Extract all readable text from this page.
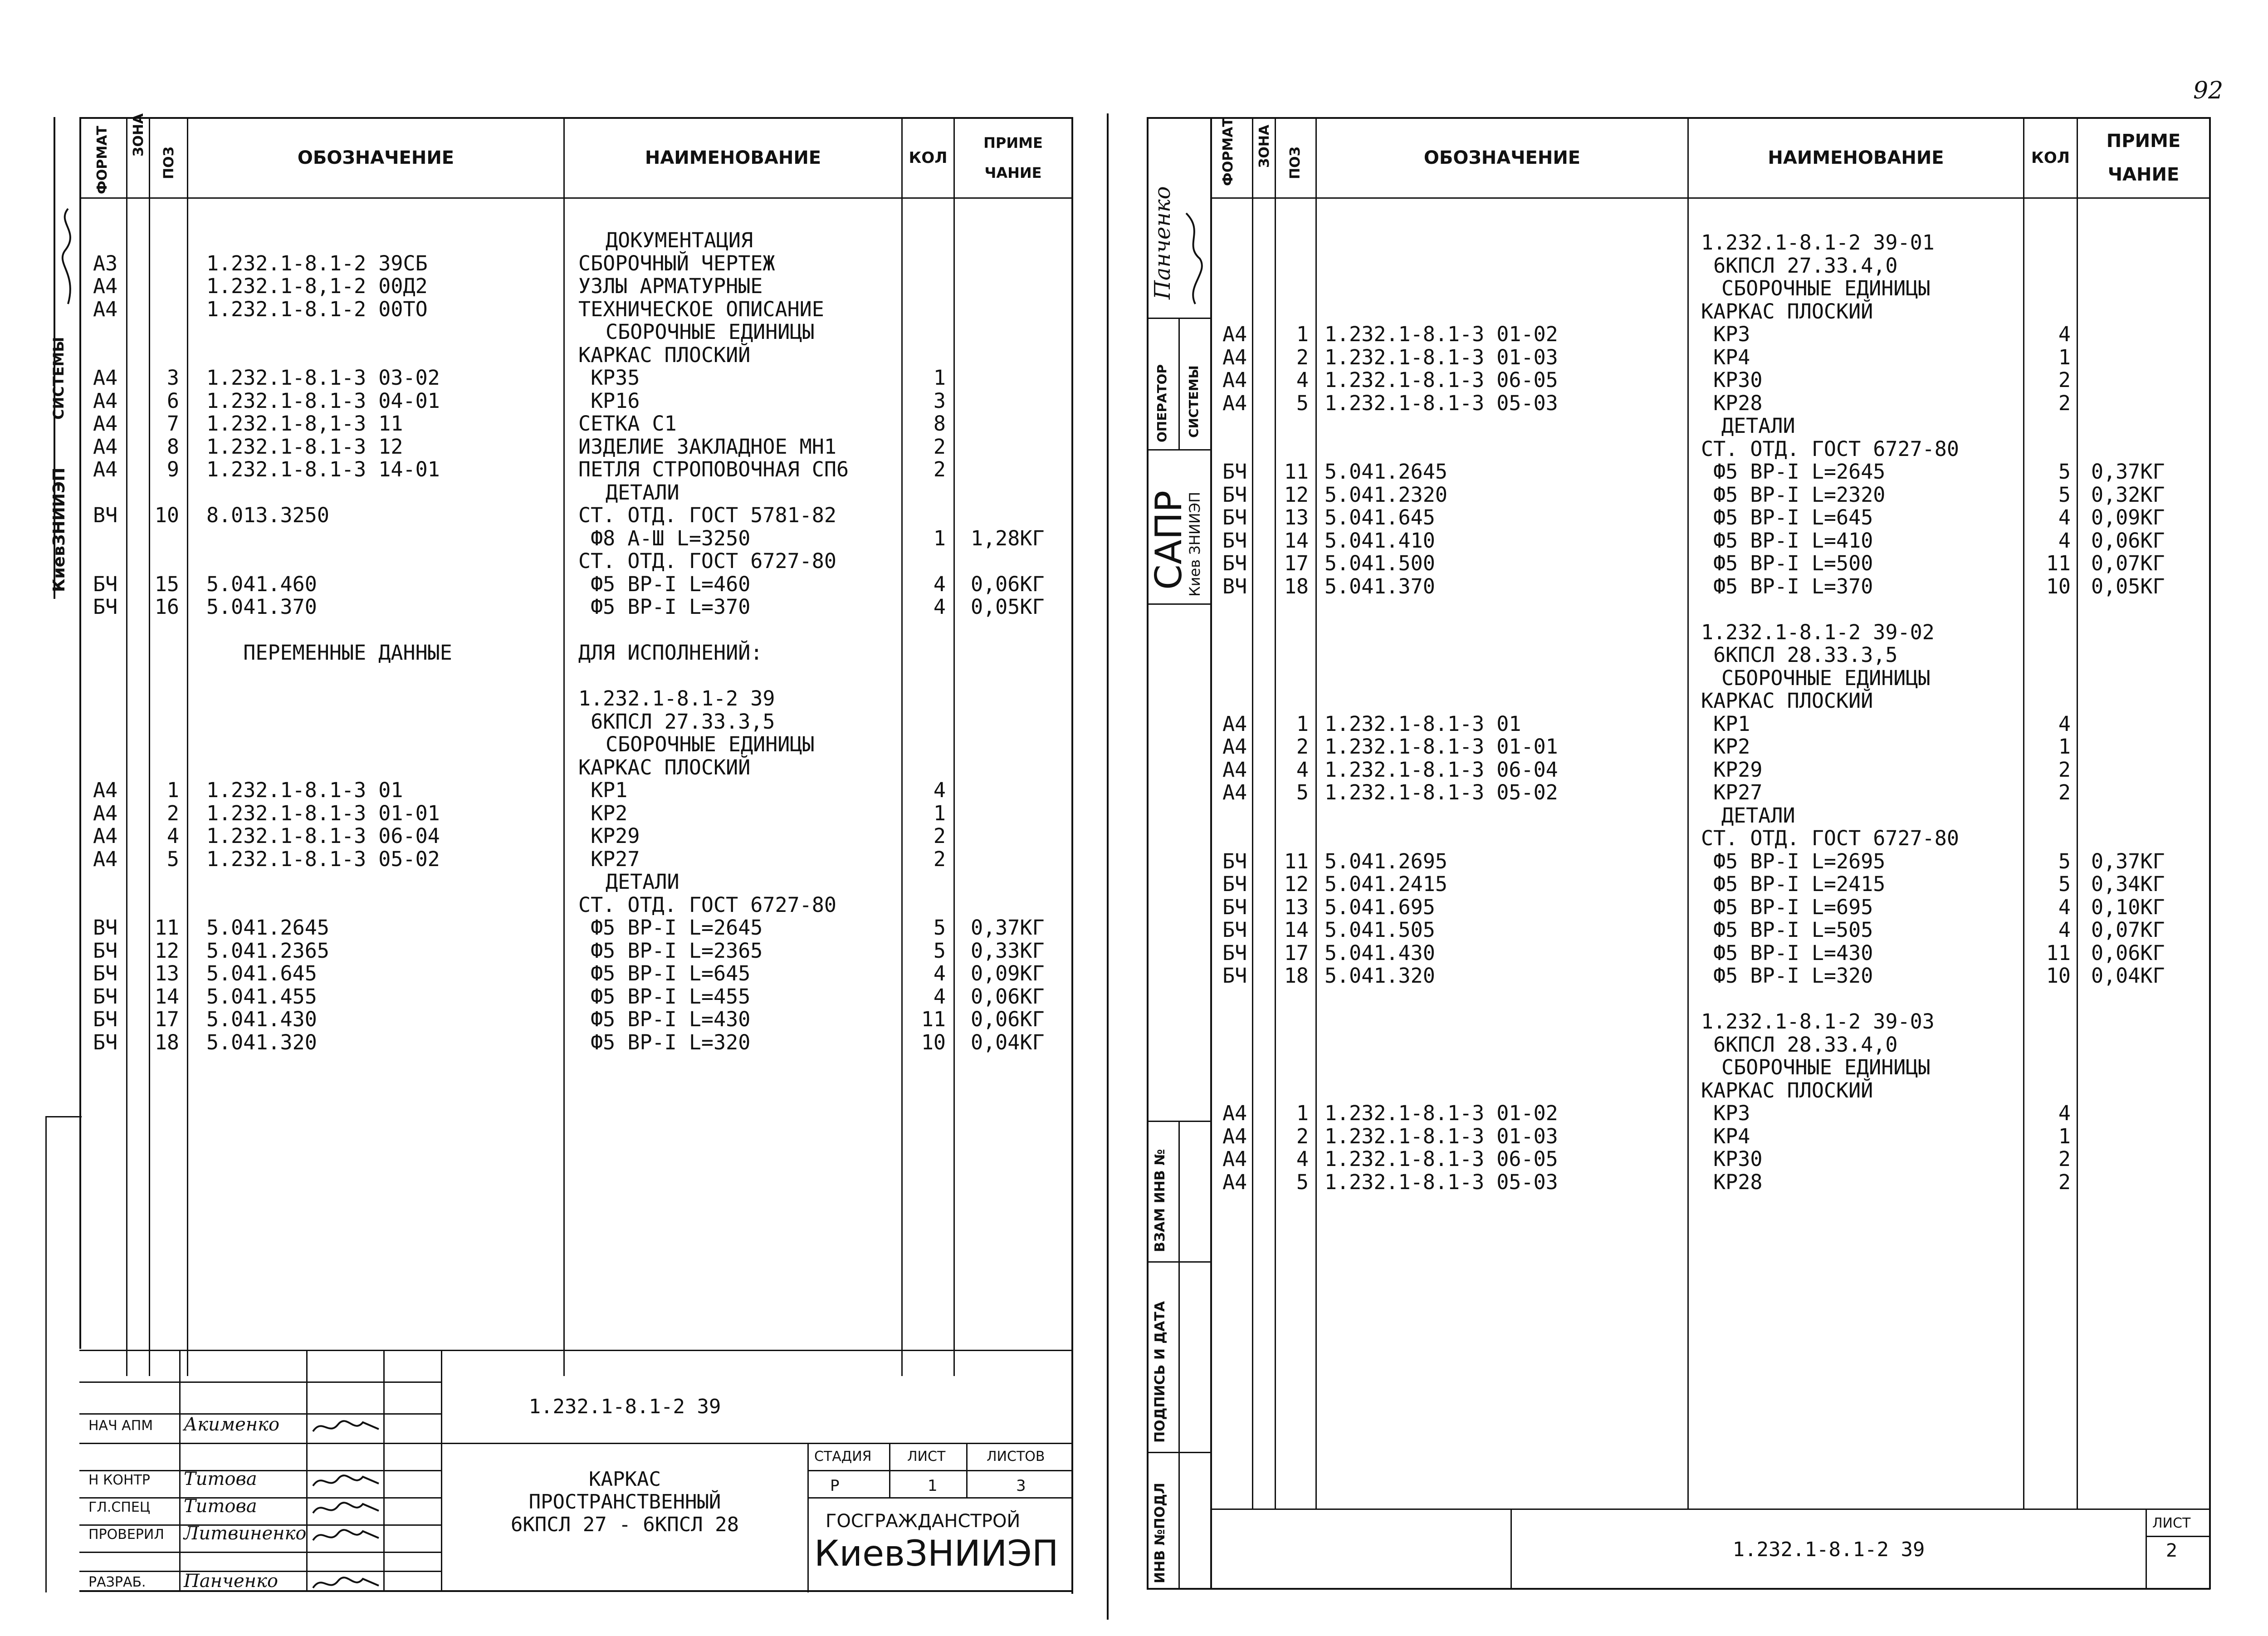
92
ФОРМАТ ЗОНА
ПОЗ	ОБОЗНАЧЕНИЕ	НАИМЕНОВАНИЕ	КОЛ
ПРИМЕ
ЧАНИЕ
СИСТЕМЫ
КиевЗНИИЭП
ДОКУМЕНТАЦИЯ
А3	1.232.1-8.1-2 39СБ	СБОРОЧНЫЙ ЧЕРТЕЖ
А4	1.232.1-8,1-2 00Д2	УЗЛЫ АРМАТУРНЫЕ
А4	1.232.1-8.1-2 00ТО	ТЕХНИЧЕСКОЕ ОПИСАНИЕ
СБОРОЧНЫЕ ЕДИНИЦЫ
КАРКАС ПЛОСКИЙ
А4 3 1.232.1-8.1-3 03-02	КР35	1
А4 6 1.232.1-8.1-3 04-01	КР16	3
А4 7 1.232.1-8,1-3 11	СЕТКА С1	8
А4 8 1.232.1-8.1-3 12	ИЗДЕЛИЕ ЗАКЛАДНОЕ МН1	2
А4 9 1.232.1-8.1-3 14-01	ПЕТЛЯ СТРОПОВОЧНАЯ СП6	2
ДЕТАЛИ
ВЧ 10 8.013.3250	СТ. ОТД. ГОСТ 5781-82
Ф8 А-Ш L=3250	1 1,28КГ
СТ. ОТД. ГОСТ 6727-80
БЧ 15 5.041.460	Ф5 ВР-I L=460	4 0,06КГ
БЧ 16 5.041.370	Ф5 ВР-I L=370	4 0,05КГ
ПЕРЕМЕННЫЕ ДАННЫЕ	ДЛЯ ИСПОЛНЕНИЙ:
1.232.1-8.1-2 39
6КПСЛ 27.33.3,5
СБОРОЧНЫЕ ЕДИНИЦЫ
КАРКАС ПЛОСКИЙ
А4 1 1.232.1-8.1-3 01	КР1	4
А4 2 1.232.1-8.1-3 01-01	КР2	1
А4 4 1.232.1-8.1-3 06-04	КР29	2
А4 5 1.232.1-8.1-3 05-02	КР27	2
ДЕТАЛИ
СТ. ОТД. ГОСТ 6727-80
ВЧ 11 5.041.2645	Ф5 ВР-I L=2645	5 0,37КГ
БЧ 12 5.041.2365	Ф5 ВР-I L=2365	5 0,33КГ
БЧ 13 5.041.645	Ф5 ВР-I L=645	4 0,09КГ
БЧ 14 5.041.455	Ф5 ВР-I L=455	4 0,06КГ
БЧ 17 5.041.430	Ф5 ВР-I L=430	11 0,06КГ
БЧ 18 5.041.320	Ф5 ВР-I L=320	10 0,04КГ
1.232.1-8.1-2 39
КАРКАС
ПРОСТРАНСТВЕННЫЙ
6КПСЛ 27 - 6КПСЛ 28
СТАДИЯ	ЛИСТ	ЛИСТОВ
Р	1	3
ГОСГРАЖДАНСТРОЙ
КиевЗНИИЭП
НАЧ АПМ Акименко
Н КОНТР Титова
ГЛ.СПЕЦ Титова
ПРОВЕРИЛ Литвиненко
РАЗРАБ. Панченко
ФОРМАТ ЗОНА ПОЗ	ОБОЗНАЧЕНИЕ	НАИМЕНОВАНИЕ	КОЛ
ПРИМЕ
ЧАНИЕ
Панченко
ОПЕРАТОР СИСТЕМЫ
САПР
Киев ЗНИИЭП
ВЗАМ ИНВ №
ПОДПИСЬ И ДАТА
ИНВ №ПОДЛ
1.232.1-8.1-2 39-01
6КПСЛ 27.33.4,0
СБОРОЧНЫЕ ЕДИНИЦЫ
КАРКАС ПЛОСКИЙ
А4 1 1.232.1-8.1-3 01-02	КР3	4
А4 2 1.232.1-8.1-3 01-03	КР4	1
А4 4 1.232.1-8.1-3 06-05	КР30	2
А4 5 1.232.1-8.1-3 05-03	КР28	2
ДЕТАЛИ
СТ. ОТД. ГОСТ 6727-80
БЧ 11 5.041.2645	Ф5 ВР-I L=2645	5 0,37КГ
БЧ 12 5.041.2320	Ф5 ВР-I L=2320	5 0,32КГ
БЧ 13 5.041.645	Ф5 ВР-I L=645	4 0,09КГ
БЧ 14 5.041.410	Ф5 ВР-I L=410	4 0,06КГ
БЧ 17 5.041.500	Ф5 ВР-I L=500	11 0,07КГ
ВЧ 18 5.041.370	Ф5 ВР-I L=370	10 0,05КГ
1.232.1-8.1-2 39-02
6КПСЛ 28.33.3,5
СБОРОЧНЫЕ ЕДИНИЦЫ
КАРКАС ПЛОСКИЙ
А4 1 1.232.1-8.1-3 01	КР1	4
А4 2 1.232.1-8.1-3 01-01	КР2	1
А4 4 1.232.1-8.1-3 06-04	КР29	2
А4 5 1.232.1-8.1-3 05-02	КР27	2
ДЕТАЛИ
СТ. ОТД. ГОСТ 6727-80
БЧ 11 5.041.2695	Ф5 ВР-I L=2695	5 0,37КГ
БЧ 12 5.041.2415	Ф5 ВР-I L=2415	5 0,34КГ
БЧ 13 5.041.695	Ф5 ВР-I L=695	4 0,10КГ
БЧ 14 5.041.505	Ф5 ВР-I L=505	4 0,07КГ
БЧ 17 5.041.430	Ф5 ВР-I L=430	11 0,06КГ
БЧ 18 5.041.320	Ф5 ВР-I L=320	10 0,04КГ
1.232.1-8.1-2 39-03
6КПСЛ 28.33.4,0
СБОРОЧНЫЕ ЕДИНИЦЫ
КАРКАС ПЛОСКИЙ
А4 1 1.232.1-8.1-3 01-02	КР3	4
А4 2 1.232.1-8.1-3 01-03	КР4	1
А4 4 1.232.1-8.1-3 06-05	КР30	2
А4 5 1.232.1-8.1-3 05-03	КР28	2
1.232.1-8.1-2 39
ЛИСТ
2
